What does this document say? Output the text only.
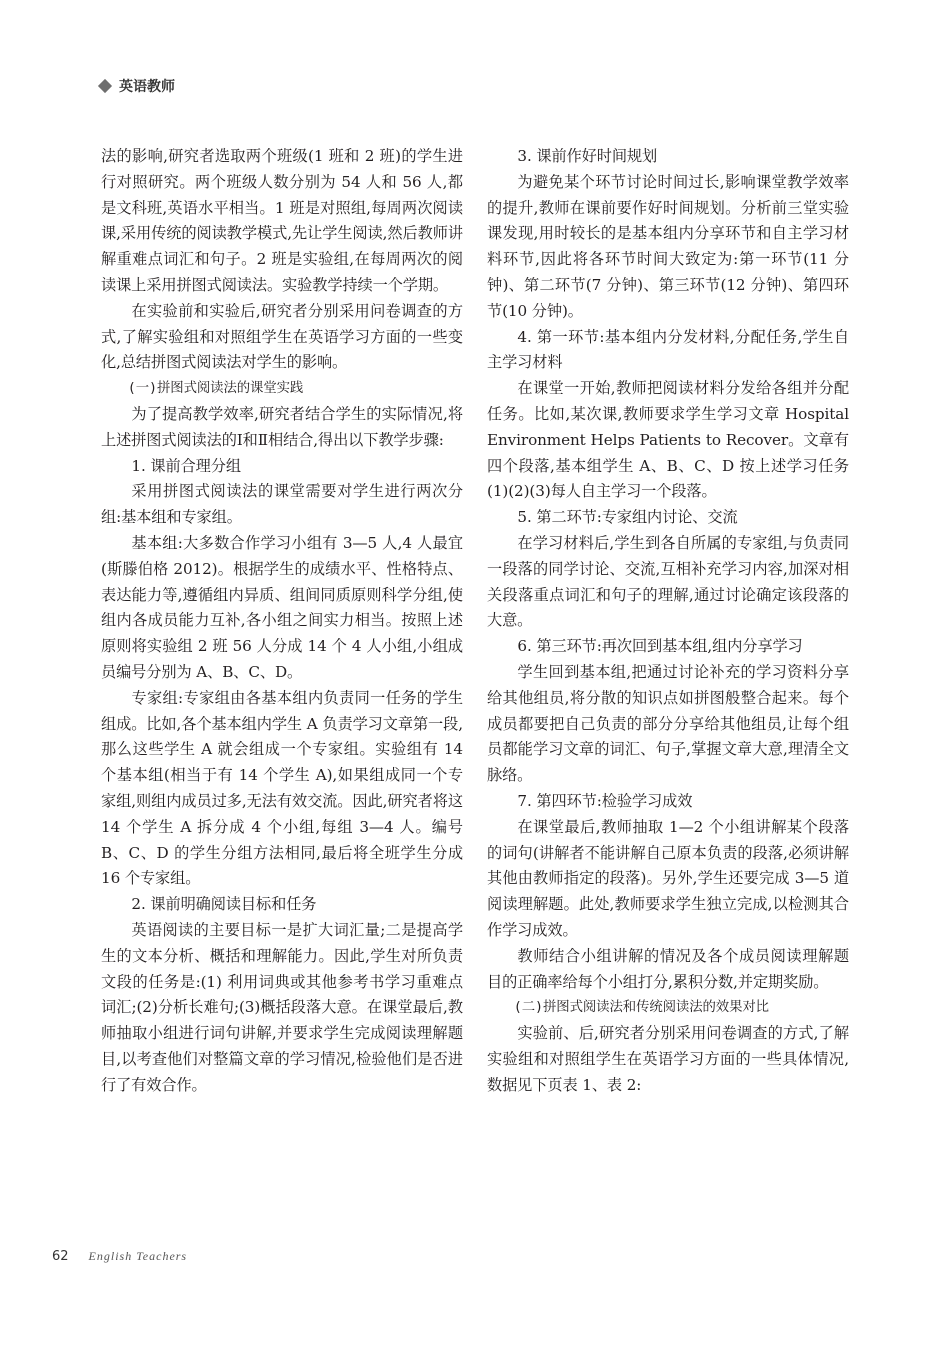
英语教师

法的影响,研究者选取两个班级(1 班和 2 班)的学生进行对照研究。两个班级人数分别为 54 人和 56 人,都是文科班,英语水平相当。1 班是对照组,每周两次阅读课,采用传统的阅读教学模式,先让学生阅读,然后教师讲解重难点词汇和句子。2 班是实验组,在每周两次的阅读课上采用拼图式阅读法。实验教学持续一个学期。

在实验前和实验后,研究者分别采用问卷调查的方式,了解实验组和对照组学生在英语学习方面的一些变化,总结拼图式阅读法对学生的影响。

(一)拼图式阅读法的课堂实践

为了提高教学效率,研究者结合学生的实际情况,将上述拼图式阅读法的Ⅰ和Ⅱ相结合,得出以下教学步骤:

1. 课前合理分组

采用拼图式阅读法的课堂需要对学生进行两次分组:基本组和专家组。

基本组:大多数合作学习小组有 3—5 人,4 人最宜(斯滕伯格 2012)。根据学生的成绩水平、性格特点、表达能力等,遵循组内异质、组间同质原则科学分组,使组内各成员能力互补,各小组之间实力相当。按照上述原则将实验组 2 班 56 人分成 14 个 4 人小组,小组成员编号分别为 A、B、C、D。

专家组:专家组由各基本组内负责同一任务的学生组成。比如,各个基本组内学生 A 负责学习文章第一段,那么这些学生 A 就会组成一个专家组。实验组有 14 个基本组(相当于有 14 个学生 A),如果组成同一个专家组,则组内成员过多,无法有效交流。因此,研究者将这 14 个学生 A 拆分成 4 个小组,每组 3—4 人。编号 B、C、D 的学生分组方法相同,最后将全班学生分成 16 个专家组。

2. 课前明确阅读目标和任务

英语阅读的主要目标一是扩大词汇量;二是提高学生的文本分析、概括和理解能力。因此,学生对所负责文段的任务是:(1) 利用词典或其他参考书学习重难点词汇;(2)分析长难句;(3)概括段落大意。在课堂最后,教师抽取小组进行词句讲解,并要求学生完成阅读理解题目,以考查他们对整篇文章的学习情况,检验他们是否进行了有效合作。

3. 课前作好时间规划

为避免某个环节讨论时间过长,影响课堂教学效率的提升,教师在课前要作好时间规划。分析前三堂实验课发现,用时较长的是基本组内分享环节和自主学习材料环节,因此将各环节时间大致定为:第一环节(11 分钟)、第二环节(7 分钟)、第三环节(12 分钟)、第四环节(10 分钟)。

4. 第一环节:基本组内分发材料,分配任务,学生自主学习材料

在课堂一开始,教师把阅读材料分发给各组并分配任务。比如,某次课,教师要求学生学习文章 Hospital Environment Helps Patients to Recover。文章有四个段落,基本组学生 A、B、C、D 按上述学习任务(1)(2)(3)每人自主学习一个段落。

5. 第二环节:专家组内讨论、交流

在学习材料后,学生到各自所属的专家组,与负责同一段落的同学讨论、交流,互相补充学习内容,加深对相关段落重点词汇和句子的理解,通过讨论确定该段落的大意。

6. 第三环节:再次回到基本组,组内分享学习

学生回到基本组,把通过讨论补充的学习资料分享给其他组员,将分散的知识点如拼图般整合起来。每个成员都要把自己负责的部分分享给其他组员,让每个组员都能学习文章的词汇、句子,掌握文章大意,理清全文脉络。

7. 第四环节:检验学习成效

在课堂最后,教师抽取 1—2 个小组讲解某个段落的词句(讲解者不能讲解自己原本负责的段落,必须讲解其他由教师指定的段落)。另外,学生还要完成 3—5 道阅读理解题。此处,教师要求学生独立完成,以检测其合作学习成效。

教师结合小组讲解的情况及各个成员阅读理解题目的正确率给每个小组打分,累积分数,并定期奖励。

(二)拼图式阅读法和传统阅读法的效果对比

实验前、后,研究者分别采用问卷调查的方式,了解实验组和对照组学生在英语学习方面的一些具体情况,数据见下页表 1、表 2:

62 English Teachers
